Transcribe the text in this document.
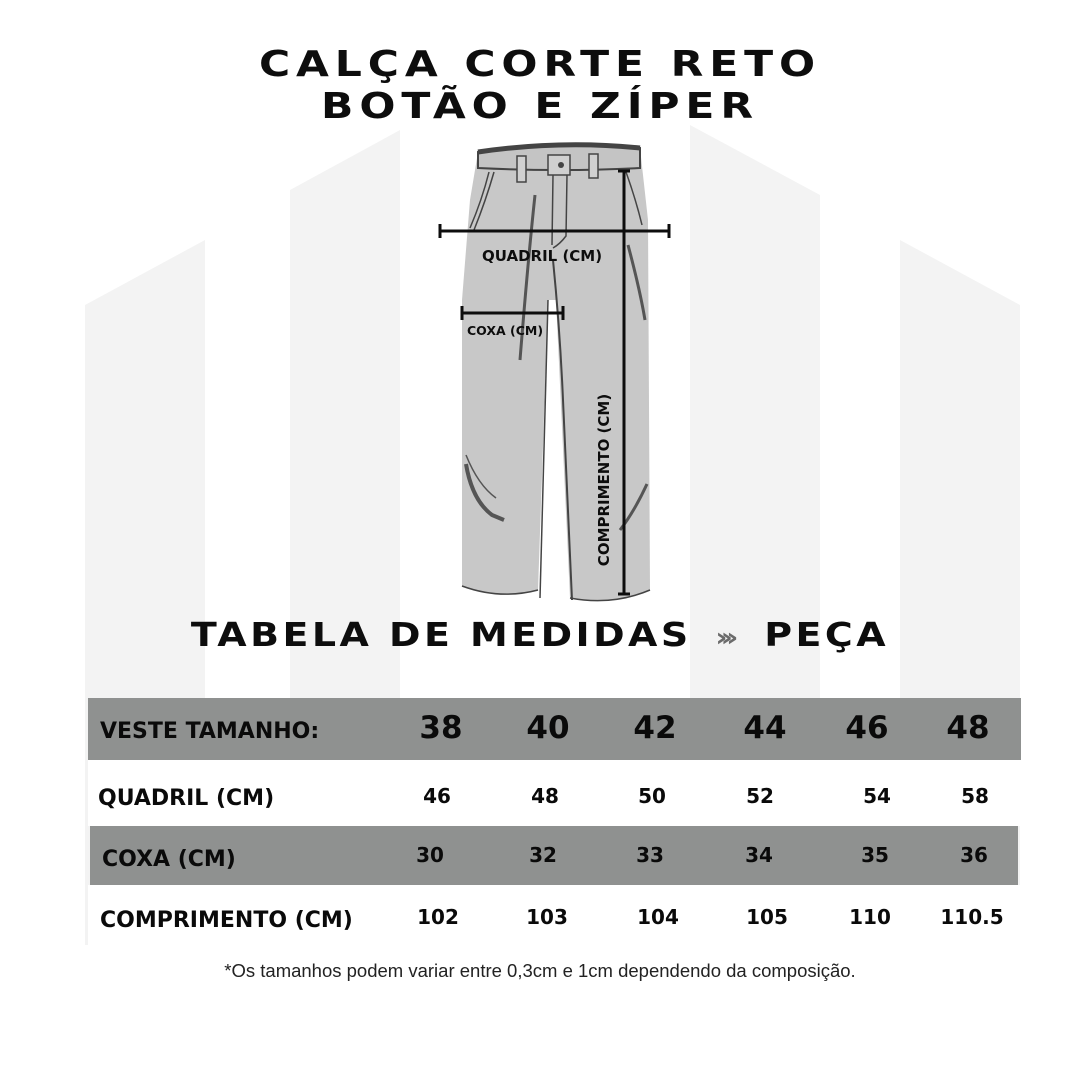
CALÇA CORTE RETO
BOTÃO E ZÍPER
QUADRIL (CM)
COXA (CM)
COMPRIMENTO (CM)
TABELA DE MEDIDAS ››› PEÇA
VESTE TAMANHO:	38	40	42	44	46	48
QUADRIL (CM)	46	48	50	52	54	58
COXA (CM)	30	32	33	34	35	36
COMPRIMENTO (CM)	102	103	104	105	110	110.5
*Os tamanhos podem variar entre 0,3cm e 1cm dependendo da composição.
